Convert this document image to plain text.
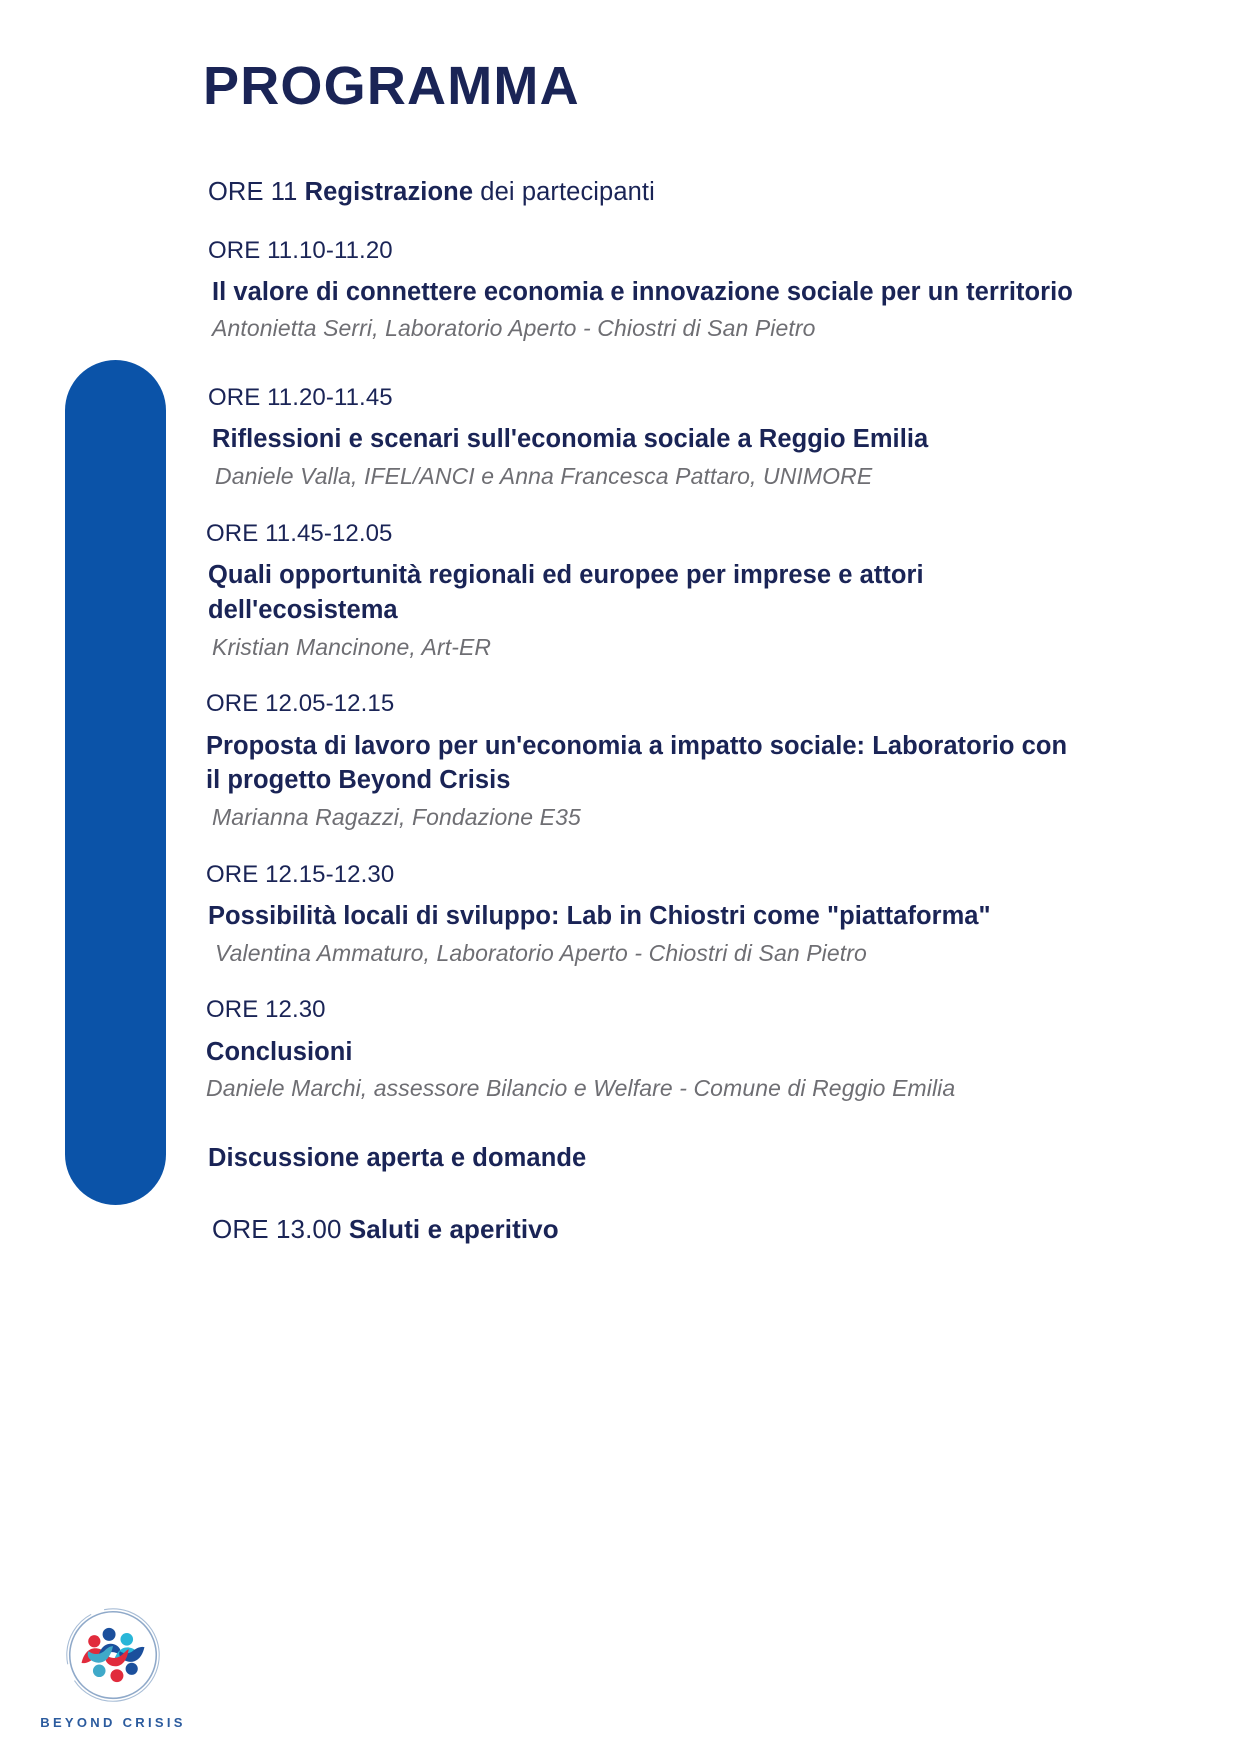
PROGRAMMA

ORE 11 Registrazione dei partecipanti

ORE 11.10-11.20

Il valore di connettere economia e innovazione sociale per un territorio

Antonietta Serri, Laboratorio Aperto - Chiostri di San Pietro

ORE 11.20-11.45

Riflessioni e scenari sull'economia sociale a Reggio Emilia

Daniele Valla, IFEL/ANCI e Anna Francesca Pattaro, UNIMORE

ORE 11.45-12.05

Quali opportunità regionali ed europee per imprese e attori dell'ecosistema

Kristian Mancinone, Art-ER

ORE 12.05-12.15

Proposta di lavoro per un'economia a impatto sociale: Laboratorio con il progetto Beyond Crisis

Marianna Ragazzi, Fondazione E35

ORE 12.15-12.30

Possibilità locali di sviluppo: Lab in Chiostri come "piattaforma"

Valentina Ammaturo, Laboratorio Aperto - Chiostri di San Pietro

ORE 12.30

Conclusioni

Daniele Marchi, assessore Bilancio e Welfare - Comune di Reggio Emilia

Discussione aperta e domande

ORE 13.00 Saluti e aperitivo

BEYOND CRISIS
